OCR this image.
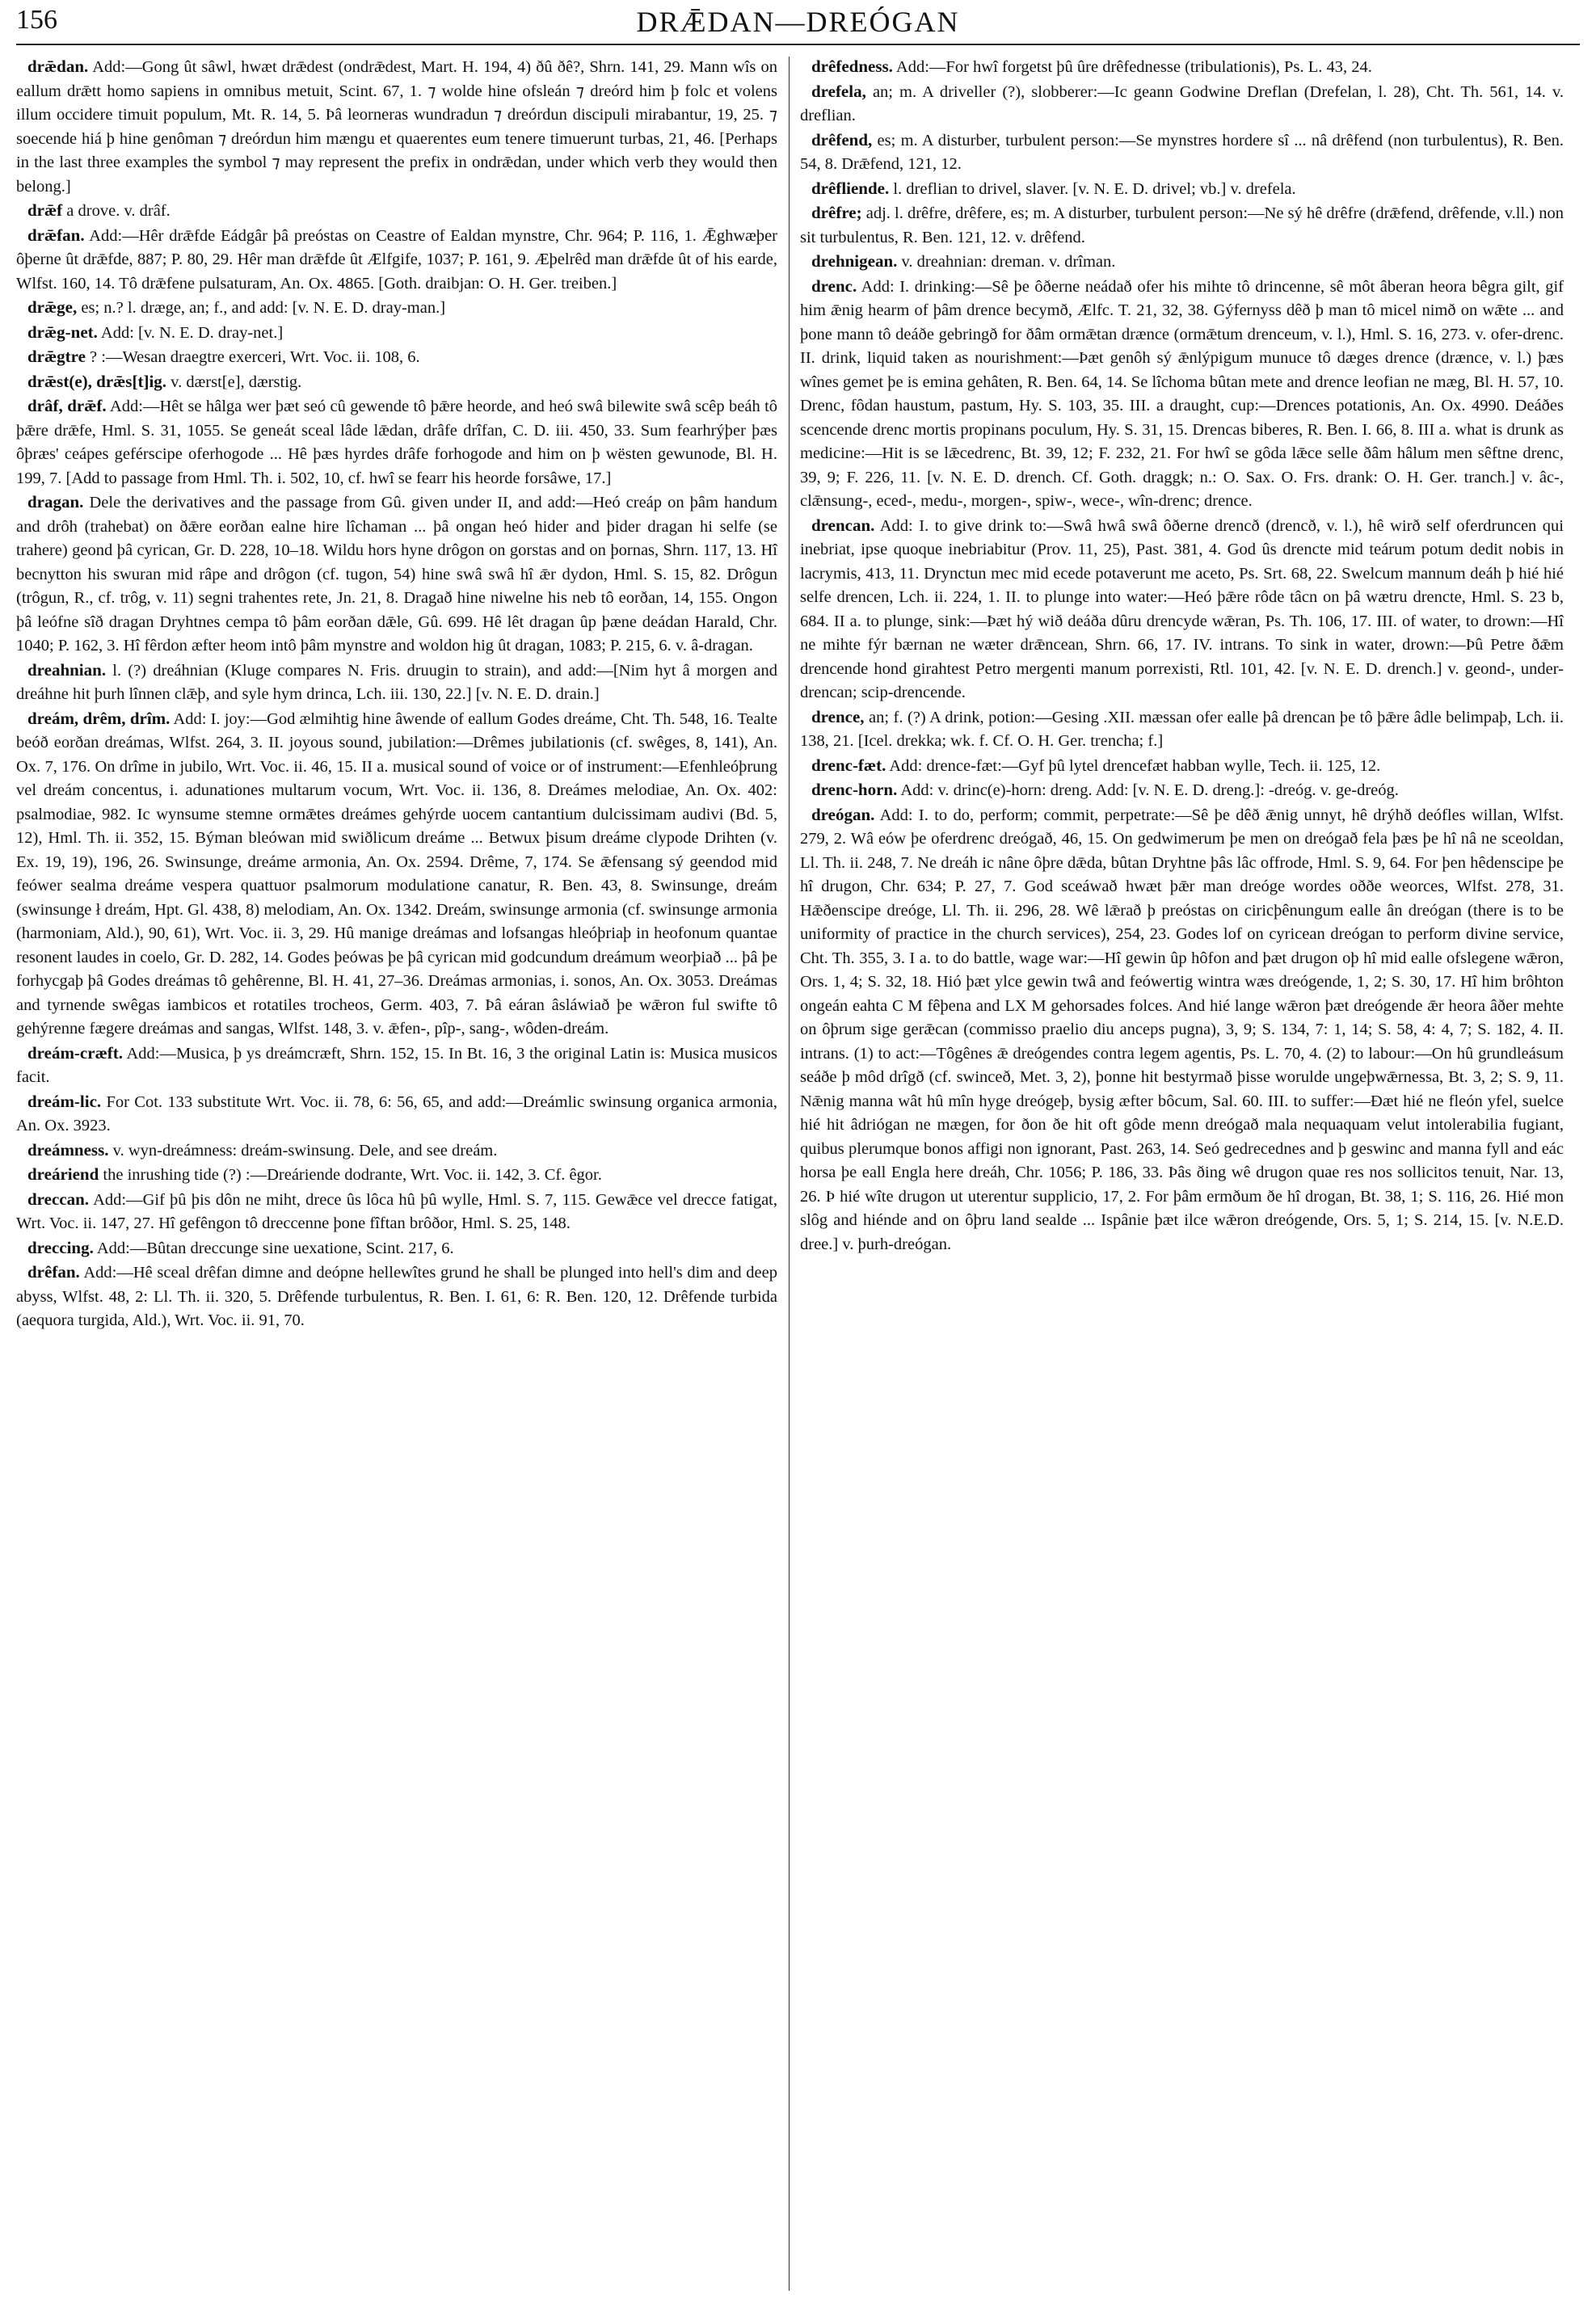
156	DRǢDAN—DREÓGAN

drǣdan. Add:—Gong ût sâwl, hwæt drǣdest (ondrǣdest, Mart. H. 194, 4) ðû ðê?, Shrn. 141, 29. Mann wîs on eallum drǣtt homo sapiens in omnibus metuit, Scint. 67, 1. ⁊ wolde hine ofsleán ⁊ dreórd him þ folc et volens illum occidere timuit populum, Mt. R. 14, 5. Þâ leorneras wundradun ⁊ dreórdun discipuli mirabantur, 19, 25. ⁊ soecende hiá þ hine genôman ⁊ dreórdun him mængu et quaerentes eum tenere timuerunt turbas, 21, 46. [Perhaps in the last three examples the symbol ⁊ may represent the prefix in ondrǣdan, under which verb they would then belong.]

drǣf a drove. v. drâf.

drǣfan. Add:—Hêr drǣfde Eádgâr þâ preóstas on Ceastre of Ealdan mynstre, Chr. 964; P. 116, 1. Ǣghwæþer ôþerne ût drǣfde, 887; P. 80, 29. Hêr man drǣfde ût Ælfgife, 1037; P. 161, 9. Æþelrêd man drǣfde ût of his earde, Wlfst. 160, 14. Tô drǣfene pulsaturam, An. Ox. 4865. [Goth. draibjan: O. H. Ger. treiben.]

drǣge, es; n.? l. dræge, an; f., and add: [v. N. E. D. dray-man.]

drǣg-net. Add: [v. N. E. D. dray-net.]

drǣgtre ? :—Wesan draegtre exerceri, Wrt. Voc. ii. 108, 6.

drǣst(e), drǣs[t]ig. v. dærst[e], dærstig.

drâf, drǣf. Add:—Hêt se hâlga wer þæt seó cû gewende tô þǣre heorde, and heó swâ bilewite swâ scêp beáh tô þǣre drǣfe, Hml. S. 31, 1055. Se geneát sceal lâde lǣdan, drâfe drîfan, C. D. iii. 450, 33. Sum fearhrýþer þæs ôþræs' ceápes geférscipe oferhogode ... Hê þæs hyrdes drâfe forhogode and him on þ wësten gewunode, Bl. H. 199, 7. [Add to passage from Hml. Th. i. 502, 10, cf. hwî se fearr his heorde forsâwe, 17.]

dragan. Dele the derivatives and the passage from Gû. given under II, and add:—Heó creáp on þâm handum and drôh (trahebat) on ðǣre eorðan ealne hire lîchaman ... þâ ongan heó hider and þider dragan hi selfe (se trahere) geond þâ cyrican, Gr. D. 228, 10–18. Wildu hors hyne drôgon on gorstas and on þornas, Shrn. 117, 13. Hî becnytton his swuran mid râpe and drôgon (cf. tugon, 54) hine swâ swâ hî ǣr dydon, Hml. S. 15, 82. Drôgun (trôgun, R., cf. trôg, v. 11) segni trahentes rete, Jn. 21, 8. Dragað hine niwelne his neb tô eorðan, 14, 155. Ongon þâ leófne sîð dragan Dryhtnes cempa tô þâm eorðan dǣle, Gû. 699. Hê lêt dragan ûp þæne deádan Harald, Chr. 1040; P. 162, 3. Hî fêrdon æfter heom intô þâm mynstre and woldon hig ût dragan, 1083; P. 215, 6. v. â-dragan.

dreahnian. l. (?) dreáhnian (Kluge compares N. Fris. druugin to strain), and add:—[Nim hyt â morgen and dreáhne hit þurh lînnen clǣþ, and syle hym drinca, Lch. iii. 130, 22.] [v. N. E. D. drain.]

dreám, drêm, drîm. Add: I. joy:—God ælmihtig hine âwende of eallum Godes dreáme, Cht. Th. 548, 16. Tealte beóð eorðan dreámas, Wlfst. 264, 3. II. joyous sound, jubilation:—Drêmes jubilationis (cf. swêges, 8, 141), An. Ox. 7, 176. On drîme in jubilo, Wrt. Voc. ii. 46, 15. II a. musical sound of voice or of instrument:—Efenhleóþrung vel dreám concentus, i. adunationes multarum vocum, Wrt. Voc. ii. 136, 8. Dreámes melodiae, An. Ox. 402: psalmodiae, 982. Ic wynsume stemne ormǣtes dreámes gehýrde uocem cantantium dulcissimam audivi (Bd. 5, 12), Hml. Th. ii. 352, 15. Býman bleówan mid swiðlicum dreáme ... Betwux þisum dreáme clypode Drihten (v. Ex. 19, 19), 196, 26. Swinsunge, dreáme armonia, An. Ox. 2594. Drême, 7, 174. Se ǣfensang sý geendod mid feówer sealma dreáme vespera quattuor psalmorum modulatione canatur, R. Ben. 43, 8. Swinsunge, dreám (swinsunge ł dreám, Hpt. Gl. 438, 8) melodiam, An. Ox. 1342. Dreám, swinsunge armonia (cf. swinsunge armonia (harmoniam, Ald.), 90, 61), Wrt. Voc. ii. 3, 29. Hû manige dreámas and lofsangas hleóþriaþ in heofonum quantae resonent laudes in coelo, Gr. D. 282, 14. Godes þeówas þe þâ cyrican mid godcundum dreámum weorþiað ... þâ þe forhycgaþ þâ Godes dreámas tô gehêrenne, Bl. H. 41, 27–36. Dreámas armonias, i. sonos, An. Ox. 3053. Dreámas and tyrnende swêgas iambicos et rotatiles trocheos, Germ. 403, 7. Þâ eáran âsláwiað þe wǣron ful swifte tô gehýrenne fægere dreámas and sangas, Wlfst. 148, 3. v. ǣfen-, pîp-, sang-, wôden-dreám.

dreám-cræft. Add:—Musica, þ ys dreámcræft, Shrn. 152, 15. In Bt. 16, 3 the original Latin is: Musica musicos facit.

dreám-lic. For Cot. 133 substitute Wrt. Voc. ii. 78, 6: 56, 65, and add:—Dreámlic swinsung organica armonia, An. Ox. 3923.

dreámness. v. wyn-dreámness: dreám-swinsung. Dele, and see dreám.

dreáriend the inrushing tide (?) :—Dreáriende dodrante, Wrt. Voc. ii. 142, 3. Cf. êgor.

dreccan. Add:—Gif þû þis dôn ne miht, drece ûs lôca hû þû wylle, Hml. S. 7, 115. Gewǣce vel drecce fatigat, Wrt. Voc. ii. 147, 27. Hî gefêngon tô dreccenne þone fîftan brôðor, Hml. S. 25, 148.

dreccing. Add:—Bûtan dreccunge sine uexatione, Scint. 217, 6.

drêfan. Add:—Hê sceal drêfan dimne and deópne hellewîtes grund he shall be plunged into hell's dim and deep abyss, Wlfst. 48, 2: Ll. Th. ii. 320, 5. Drêfende turbulentus, R. Ben. I. 61, 6: R. Ben. 120, 12. Drêfende turbida (aequora turgida, Ald.), Wrt. Voc. ii. 91, 70.

drêfedness. Add:—For hwî forgetst þû ûre drêfednesse (tribulationis), Ps. L. 43, 24.

drefela, an; m. A driveller (?), slobberer:—Ic geann Godwine Dreflan (Drefelan, l. 28), Cht. Th. 561, 14. v. dreflian.

drêfend, es; m. A disturber, turbulent person:—Se mynstres hordere sî ... nâ drêfend (non turbulentus), R. Ben. 54, 8. Drǣfend, 121, 12.

drêfliende. l. dreflian to drivel, slaver. [v. N. E. D. drivel; vb.] v. drefela.

drêfre; adj. l. drêfre, drêfere, es; m. A disturber, turbulent person:—Ne sý hê drêfre (drǣfend, drêfende, v.ll.) non sit turbulentus, R. Ben. 121, 12. v. drêfend.

drehnigean. v. dreahnian: dreman. v. drîman.

drenc. Add: I. drinking:—Sê þe ôðerne neádað ofer his mihte tô drincenne, sê môt âberan heora bêgra gilt, gif him ǣnig hearm of þâm drence becymð, Ælfc. T. 21, 32, 38. Gýfernyss dêð þ man tô micel nimð on wǣte ... and þone mann tô deáðe gebringð for ðâm ormǣtan drænce (ormǣtum drenceum, v. l.), Hml. S. 16, 273. v. ofer-drenc. II. drink, liquid taken as nourishment:—Þæt genôh sý ǣnlýpigum munuce tô dæges drence (drænce, v. l.) þæs wînes gemet þe is emina gehâten, R. Ben. 64, 14. Se lîchoma bûtan mete and drence leofian ne mæg, Bl. H. 57, 10. Drenc, fôdan haustum, pastum, Hy. S. 103, 35. III. a draught, cup:—Drences potationis, An. Ox. 4990. Deáðes scencende drenc mortis propinans poculum, Hy. S. 31, 15. Drencas biberes, R. Ben. I. 66, 8. III a. what is drunk as medicine:—Hit is se lǣcedrenc, Bt. 39, 12; F. 232, 21. For hwî se gôda lǣce selle ðâm hâlum men sêftne drenc, 39, 9; F. 226, 11. [v. N. E. D. drench. Cf. Goth. draggk; n.: O. Sax. O. Frs. drank: O. H. Ger. tranch.] v. âc-, clǣnsung-, eced-, medu-, morgen-, spiw-, wece-, wîn-drenc; drence.

drencan. Add: I. to give drink to:—Swâ hwâ swâ ôðerne drencð (drencð, v. l.), hê wirð self oferdruncen qui inebriat, ipse quoque inebriabitur (Prov. 11, 25), Past. 381, 4. God ûs drencte mid teárum potum dedit nobis in lacrymis, 413, 11. Drynctun mec mid ecede potaverunt me aceto, Ps. Srt. 68, 22. Swelcum mannum deáh þ hié hié selfe drencen, Lch. ii. 224, 1. II. to plunge into water:—Heó þǣre rôde tâcn on þâ wætru drencte, Hml. S. 23 b, 684. II a. to plunge, sink:—Þæt hý wið deáða dûru drencyde wǣran, Ps. Th. 106, 17. III. of water, to drown:—Hî ne mihte fýr bærnan ne wæter drǣncean, Shrn. 66, 17. IV. intrans. To sink in water, drown:—Þû Petre ðǣm drencende hond girahtest Petro mergenti manum porrexisti, Rtl. 101, 42. [v. N. E. D. drench.] v. geond-, under-drencan; scip-drencende.

drence, an; f. (?) A drink, potion:—Gesing .XII. mæssan ofer ealle þâ drencan þe tô þǣre âdle belimpaþ, Lch. ii. 138, 21. [Icel. drekka; wk. f. Cf. O. H. Ger. trencha; f.]

drenc-fæt. Add: drence-fæt:—Gyf þû lytel drencefæt habban wylle, Tech. ii. 125, 12.

drenc-horn. Add: v. drinc(e)-horn: dreng. Add: [v. N. E. D. dreng.]: -dreóg. v. ge-dreóg.

dreógan. Add: I. to do, perform; commit, perpetrate:—Sê þe dêð ǣnig unnyt, hê drýhð deófles willan, Wlfst. 279, 2. Wâ eów þe oferdrenc dreógað, 46, 15. On gedwimerum þe men on dreógað fela þæs þe hî nâ ne sceoldan, Ll. Th. ii. 248, 7. Ne dreáh ic nâne ôþre dǣda, bûtan Dryhtne þâs lâc offrode, Hml. S. 9, 64. For þen hêdenscipe þe hî drugon, Chr. 634; P. 27, 7. God sceáwað hwæt þǣr man dreóge wordes oððe weorces, Wlfst. 278, 31. Hǣðenscipe dreóge, Ll. Th. ii. 296, 28. Wê lǣrað þ preóstas on ciricþênungum ealle ân dreógan (there is to be uniformity of practice in the church services), 254, 23. Godes lof on cyricean dreógan to perform divine service, Cht. Th. 355, 3. I a. to do battle, wage war:—Hî gewin ûp hôfon and þæt drugon oþ hî mid ealle ofslegene wǣron, Ors. 1, 4; S. 32, 18. Hió þæt ylce gewin twâ and feówertig wintra wæs dreógende, 1, 2; S. 30, 17. Hî him brôhton ongeán eahta C M fêþena and LX M gehorsades folces. And hié lange wǣron þæt dreógende ǣr heora âðer mehte on ôþrum sige gerǣcan (commisso praelio diu anceps pugna), 3, 9; S. 134, 7: 1, 14; S. 58, 4: 4, 7; S. 182, 4. II. intrans. (1) to act:—Tôgênes ǣ dreógendes contra legem agentis, Ps. L. 70, 4. (2) to labour:—On hû grundleásum seáðe þ môd drîgð (cf. swinceð, Met. 3, 2), þonne hit bestyrmað þisse worulde ungeþwǣrnessa, Bt. 3, 2; S. 9, 11. Nǣnig manna wât hû mîn hyge dreógeþ, bysig æfter bôcum, Sal. 60. III. to suffer:—Ðæt hié ne fleón yfel, suelce hié hit âdriógan ne mægen, for ðon ðe hit oft gôde menn dreógað mala nequaquam velut intolerabilia fugiant, quibus plerumque bonos affigi non ignorant, Past. 263, 14. Seó gedrecednes and þ geswinc and manna fyll and eác horsa þe eall Engla here dreáh, Chr. 1056; P. 186, 33. Þâs ðing wê drugon quae res nos sollicitos tenuit, Nar. 13, 26. Þ hié wîte drugon ut uterentur supplicio, 17, 2. For þâm ermðum ðe hî drogan, Bt. 38, 1; S. 116, 26. Hié mon slôg and hiénde and on ôþru land sealde ... Ispânie þæt ilce wǣron dreógende, Ors. 5, 1; S. 214, 15. [v. N.E.D. dree.] v. þurh-dreógan.
